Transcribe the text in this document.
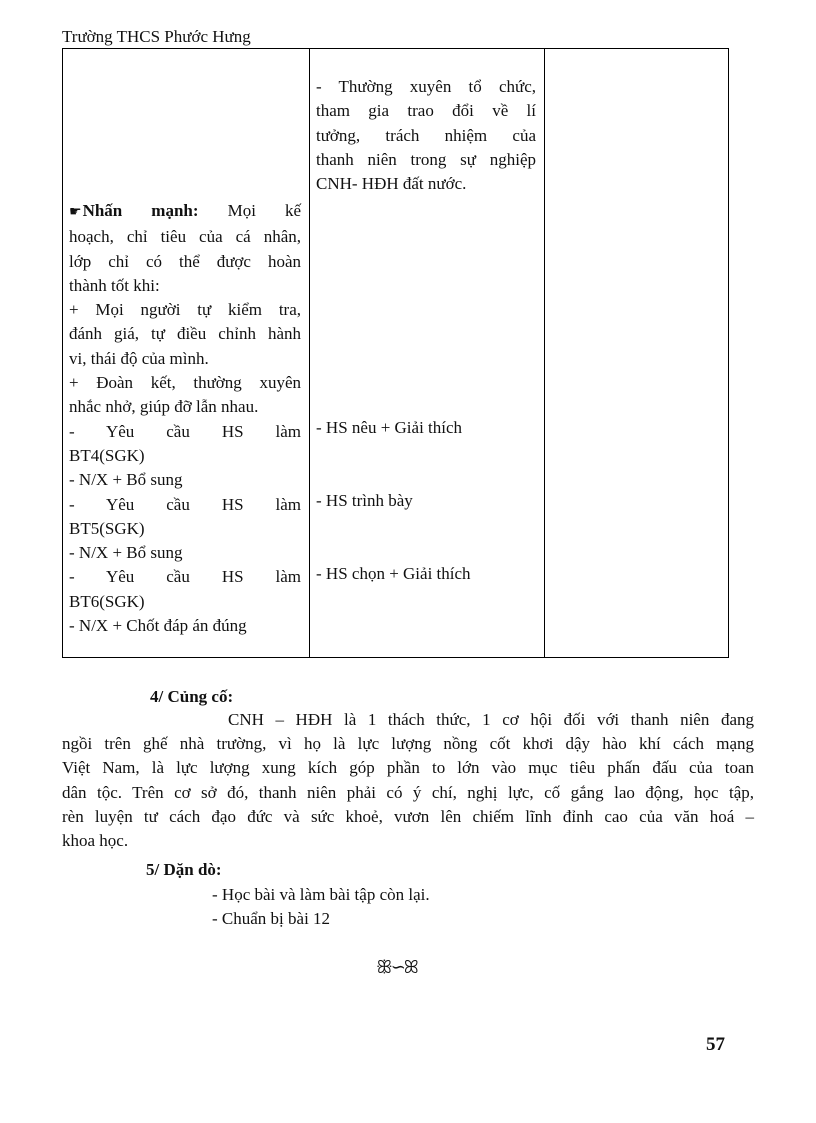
Trường THCS Phước Hưng
- Thường xuyên tổ chức,
tham gia trao đổi về lí
tưởng, trách nhiệm của
thanh niên trong sự nghiệp
CNH- HĐH đất nước.
☛Nhấn mạnh: Mọi kế
hoạch, chỉ tiêu của cá nhân,
lớp chỉ có thể được hoàn
thành tốt khi:
+ Mọi người tự kiểm tra,
đánh giá, tự điều chỉnh hành
vi, thái độ của mình.
+ Đoàn kết, thường xuyên
nhắc nhở, giúp đỡ lẫn nhau.
- Yêu cầu HS làm
BT4(SGK)
- N/X + Bổ sung
- Yêu cầu HS làm
BT5(SGK)
- N/X + Bổ sung
- Yêu cầu HS làm
BT6(SGK)
- N/X + Chốt đáp án đúng
- HS nêu + Giải thích
- HS trình bày
- HS chọn + Giải thích
4/ Củng cố:
CNH – HĐH là 1 thách thức, 1 cơ hội đối với thanh niên đang
ngồi trên ghế nhà trường, vì họ là lực lượng nồng cốt khơi dậy hào khí cách mạng
Việt Nam, là lực lượng xung kích góp phần to lớn vào mục tiêu phấn đấu của toan
dân tộc. Trên cơ sở đó, thanh niên phải có ý chí, nghị lực, cố gắng lao động, học tập,
rèn luyện tư cách đạo đức và sức khoẻ, vươn lên chiếm lĩnh đỉnh cao của văn hoá –
khoa học.
5/ Dặn dò:
- Học bài và làm bài tập còn lại.
- Chuẩn bị bài 12
ꕥ∽ꕤ
57
